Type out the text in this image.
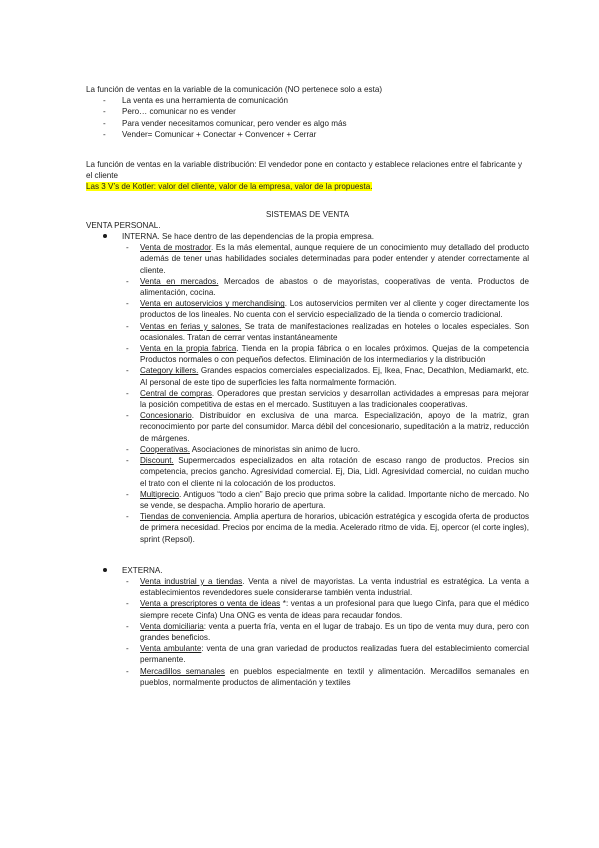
La función de ventas en la variable de la comunicación (NO pertenece solo a esta)

- La venta es una herramienta de comunicación
- Pero… comunicar no es vender
- Para vender necesitamos comunicar, pero vender es algo más
- Vender= Comunicar + Conectar + Convencer + Cerrar

La función de ventas en la variable distribución: El vendedor pone en contacto y establece relaciones entre el fabricante y el cliente

Las 3 V’s de Kotler: valor del cliente, valor de la empresa, valor de la propuesta.

SISTEMAS DE VENTA

VENTA PERSONAL.

INTERNA. Se hace dentro de las dependencias de la propia empresa.
- Venta de mostrador. Es la más elemental, aunque requiere de un conocimiento muy detallado del producto además de tener unas habilidades sociales determinadas para poder entender y atender correctamente al cliente.
- Venta en mercados. Mercados de abastos o de mayoristas, cooperativas de venta. Productos de alimentación, cocina.
- Venta en autoservicios y merchandising. Los autoservicios permiten ver al cliente y coger directamente los productos de los lineales. No cuenta con el servicio especializado de la tienda o comercio tradicional.
- Ventas en ferias y salones. Se trata de manifestaciones realizadas en hoteles o locales especiales. Son ocasionales. Tratan de cerrar ventas instantáneamente
- Venta en la propia fabrica. Tienda en la propia fábrica o en locales próximos. Quejas de la competencia Productos normales o con pequeños defectos. Eliminación de los intermediarios y la distribución
- Category killers. Grandes espacios comerciales especializados. Ej, Ikea, Fnac, Decathlon, Mediamarkt, etc. Al personal de este tipo de superficies les falta normalmente formación.
- Central de compras. Operadores que prestan servicios y desarrollan actividades a empresas para mejorar la posición competitiva de estas en el mercado. Sustituyen a las tradicionales cooperativas.
- Concesionario. Distribuidor en exclusiva de una marca. Especialización, apoyo de la matriz, gran reconocimiento por parte del consumidor. Marca débil del concesionario, supeditación a la matriz, reducción de márgenes.
- Cooperativas. Asociaciones de minoristas sin animo de lucro.
- Discount. Supermercados especializados en alta rotación de escaso rango de productos. Precios sin competencia, precios gancho. Agresividad comercial. Ej, Dia, Lidl. Agresividad comercial, no cuidan mucho el trato con el cliente ni la colocación de los productos.
- Multiprecio. Antiguos “todo a cien” Bajo precio que prima sobre la calidad. Importante nicho de mercado. No se vende, se despacha. Amplio horario de apertura.
- Tiendas de conveniencia. Amplia apertura de horarios, ubicación estratégica y escogida oferta de productos de primera necesidad. Precios por encima de la media. Acelerado ritmo de vida. Ej, opercor (el corte ingles), sprint (Repsol).
EXTERNA.
- Venta industrial y a tiendas. Venta a nivel de mayoristas. La venta industrial es estratégica. La venta a establecimientos revendedores suele considerarse también venta industrial.
- Venta a prescriptores o venta de ideas *: ventas a un profesional para que luego Cinfa, para que el médico siempre recete Cinfa) Una ONG es venta de ideas para recaudar fondos.
- Venta domiciliaria: venta a puerta fría, venta en el lugar de trabajo. Es un tipo de venta muy dura, pero con grandes beneficios.
- Venta ambulante: venta de una gran variedad de productos realizadas fuera del establecimiento comercial permanente.
- Mercadillos semanales en pueblos especialmente en textil y alimentación. Mercadillos semanales en pueblos, normalmente productos de alimentación y textiles
